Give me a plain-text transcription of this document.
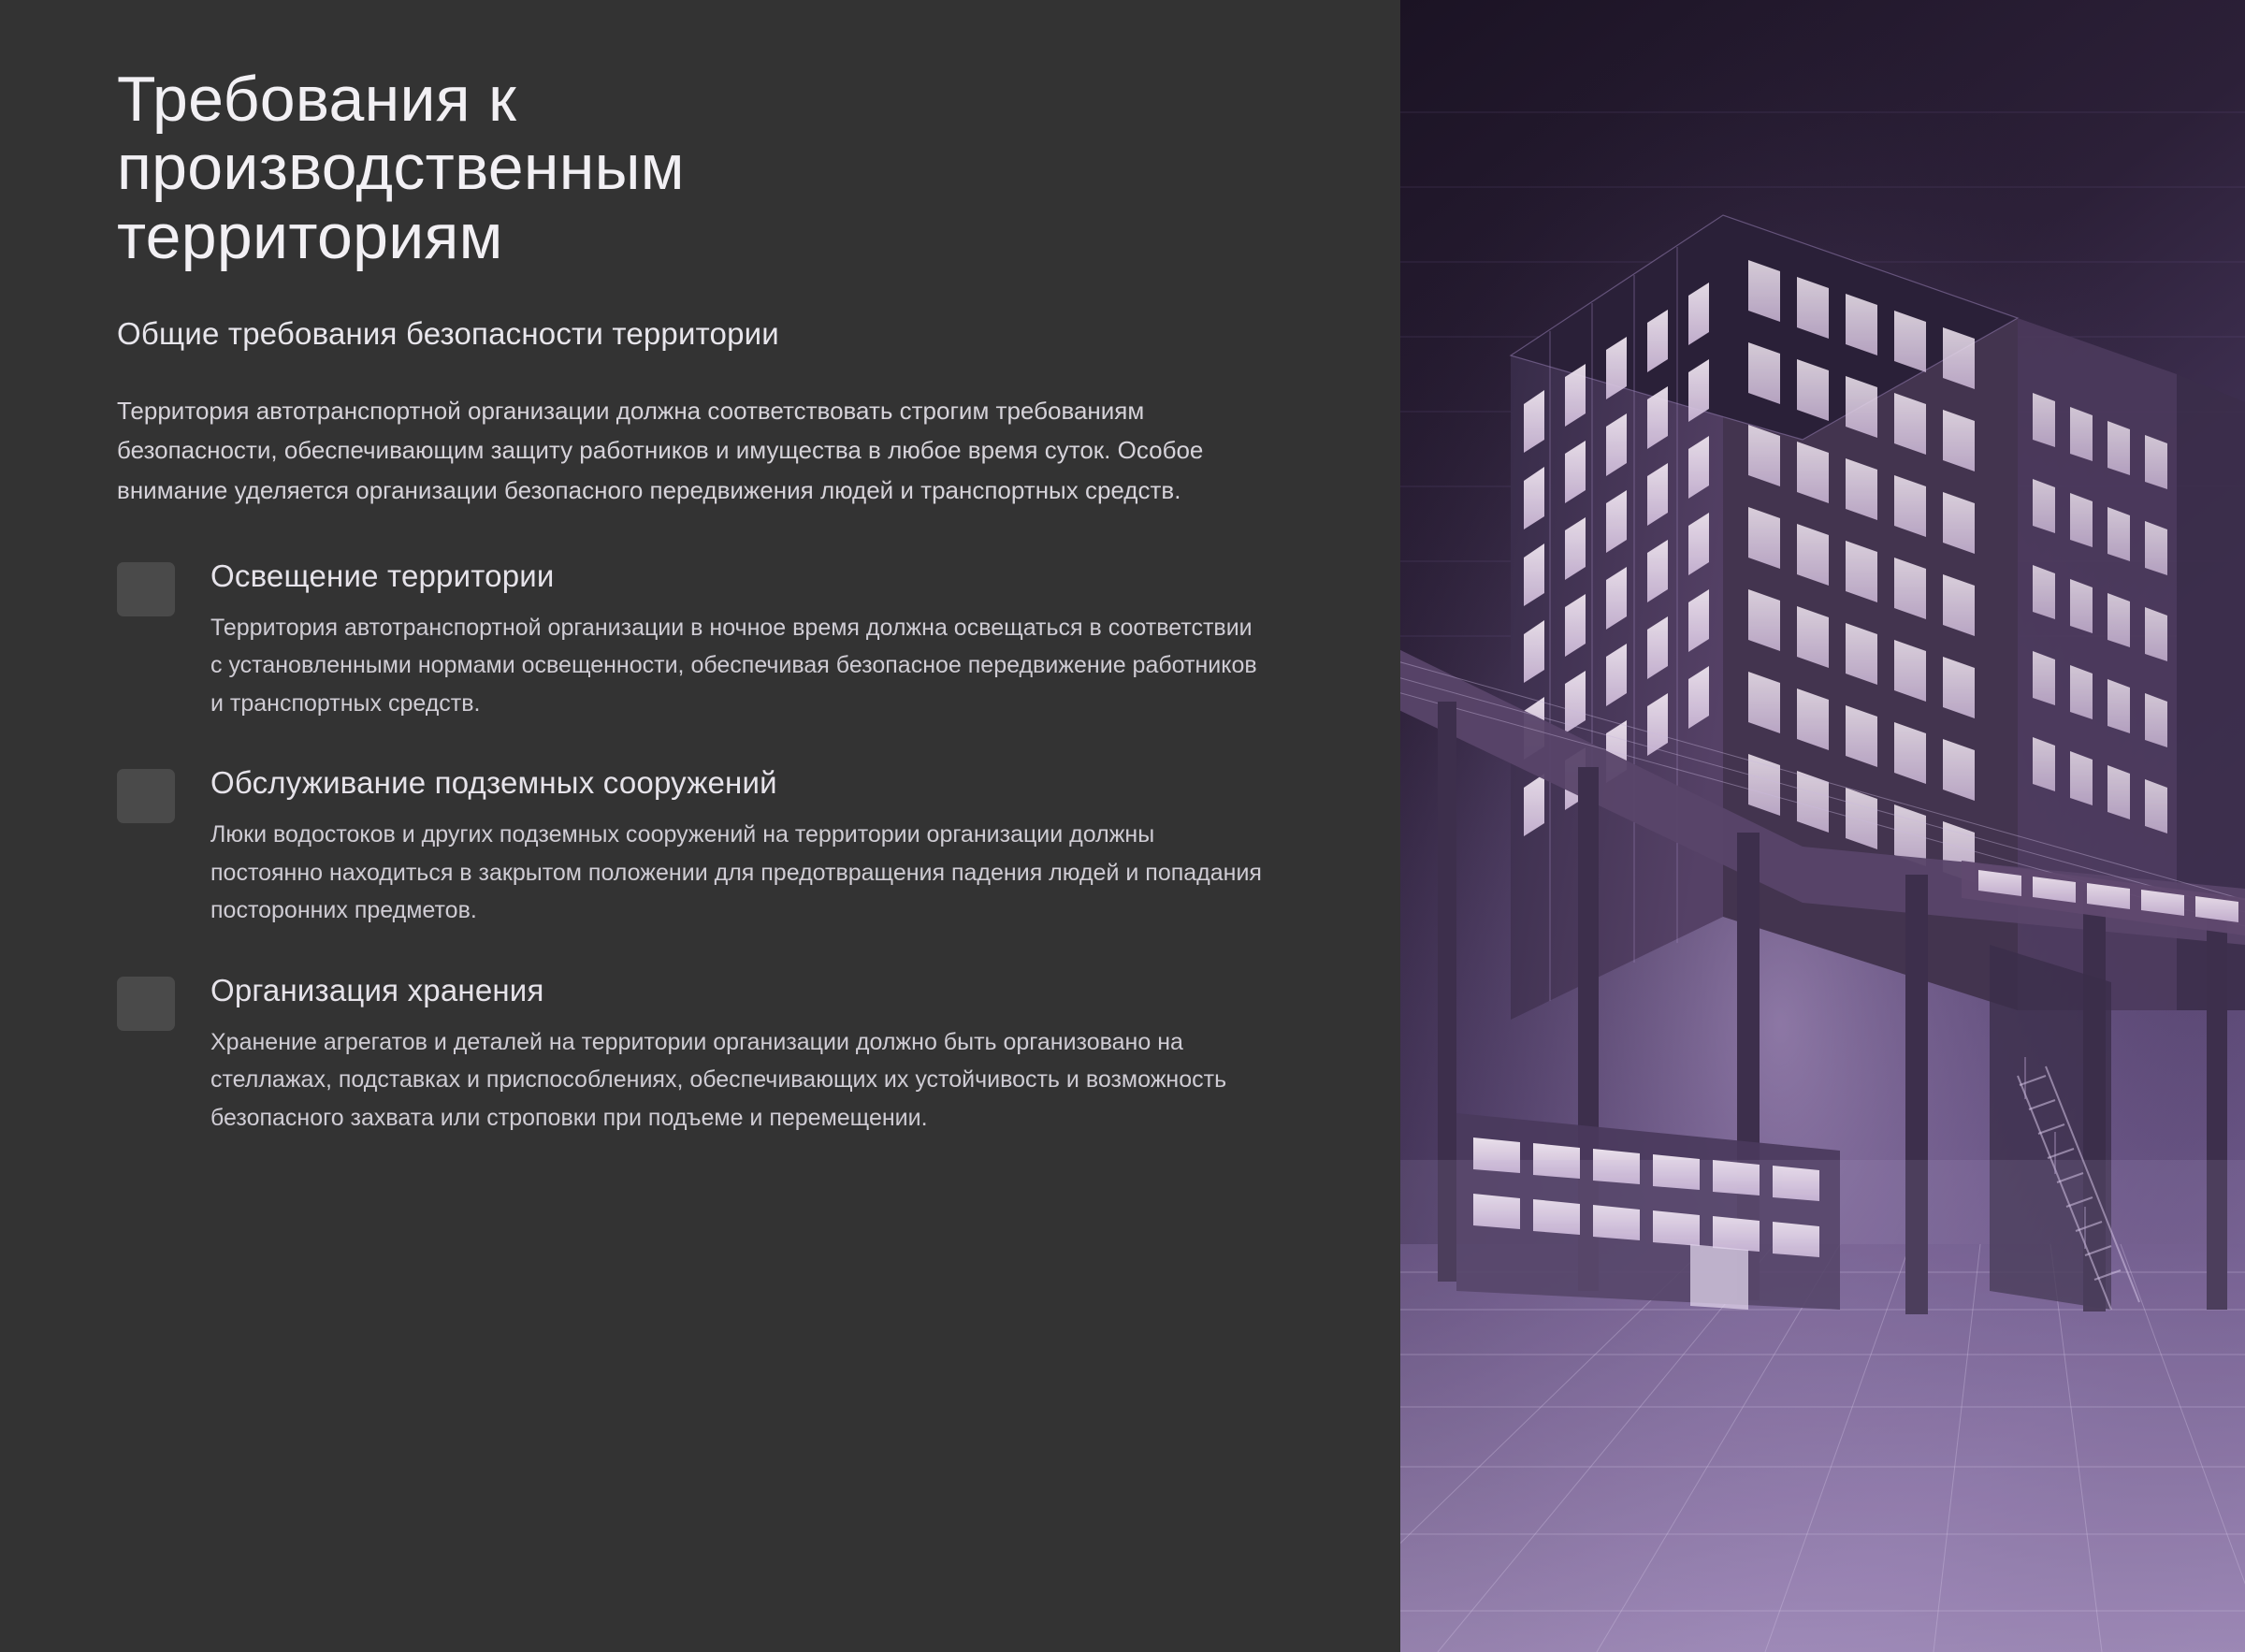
Требования к производственным территориям
Общие требования безопасности территории

Территория автотранспортной организации должна соответствовать строгим требованиям безопасности, обеспечивающим защиту работников и имущества в любое время суток. Особое внимание уделяется организации безопасного передвижения людей и транспортных средств.

Освещение территории

Территория автотранспортной организации в ночное время должна освещаться в соответствии с установленными нормами освещенности, обеспечивая безопасное передвижение работников и транспортных средств.

Обслуживание подземных сооружений

Люки водостоков и других подземных сооружений на территории организации должны постоянно находиться в закрытом положении для предотвращения падения людей и попадания посторонних предметов.

Организация хранения

Хранение агрегатов и деталей на территории организации должно быть организовано на стеллажах, подставках и приспособлениях, обеспечивающих их устойчивость и возможность безопасного захвата или строповки при подъеме и перемещении.
